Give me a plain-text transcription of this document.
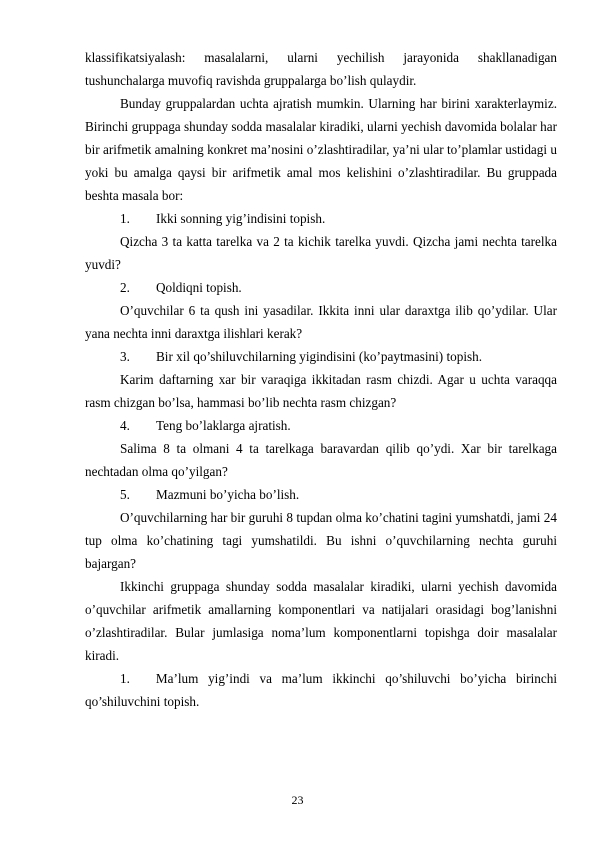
klassifikatsiyalash: masalalarni, ularni yechilish jarayonida shakllanadigan tushunchalarga muvofiq ravishda gruppalarga bo’lish qulaydir.

Bunday gruppalardan uchta ajratish mumkin. Ularning har birini xarakterlaymiz. Birinchi gruppaga shunday sodda masalalar kiradiki, ularni yechish davomida bolalar har bir arifmetik amalning konkret ma’nosini o’zlashtiradilar, ya’ni ular to’plamlar ustidagi u yoki bu amalga qaysi bir arifmetik amal mos kelishini o’zlashtiradilar. Bu gruppada beshta masala bor:

1. Ikki sonning yig’indisini topish.

Qizcha 3 ta katta tarelka va 2 ta kichik tarelka yuvdi. Qizcha jami nechta tarelka yuvdi?

2. Qoldiqni topish.

O’quvchilar 6 ta qush ini yasadilar. Ikkita inni ular daraxtga ilib qo’ydilar. Ular yana nechta inni daraxtga ilishlari kerak?

3. Bir xil qo’shiluvchilarning yigindisini (ko’paytmasini) topish.

Karim daftarning xar bir varaqiga ikkitadan rasm chizdi. Agar u uchta varaqqa rasm chizgan bo’lsa, hammasi bo’lib nechta rasm chizgan?

4. Teng bo’laklarga ajratish.

Salima 8 ta olmani 4 ta tarelkaga baravardan qilib qo’ydi. Xar bir tarelkaga nechtadan olma qo’yilgan?

5. Mazmuni bo’yicha bo’lish.

O’quvchilarning har bir guruhi 8 tupdan olma ko’chatini tagini yumshatdi, jami 24 tup olma ko’chatining tagi yumshatildi. Bu ishni o’quvchilarning nechta guruhi bajargan?

Ikkinchi gruppaga shunday sodda masalalar kiradiki, ularni yechish davomida o’quvchilar arifmetik amallarning komponentlari va natijalari orasidagi bog’lanishni o’zlashtiradilar. Bular jumlasiga noma’lum komponentlarni topishga doir masalalar kiradi.

1. Ma’lum yig’indi va ma’lum ikkinchi qo’shiluvchi bo’yicha birinchi qo’shiluvchini topish.

23
